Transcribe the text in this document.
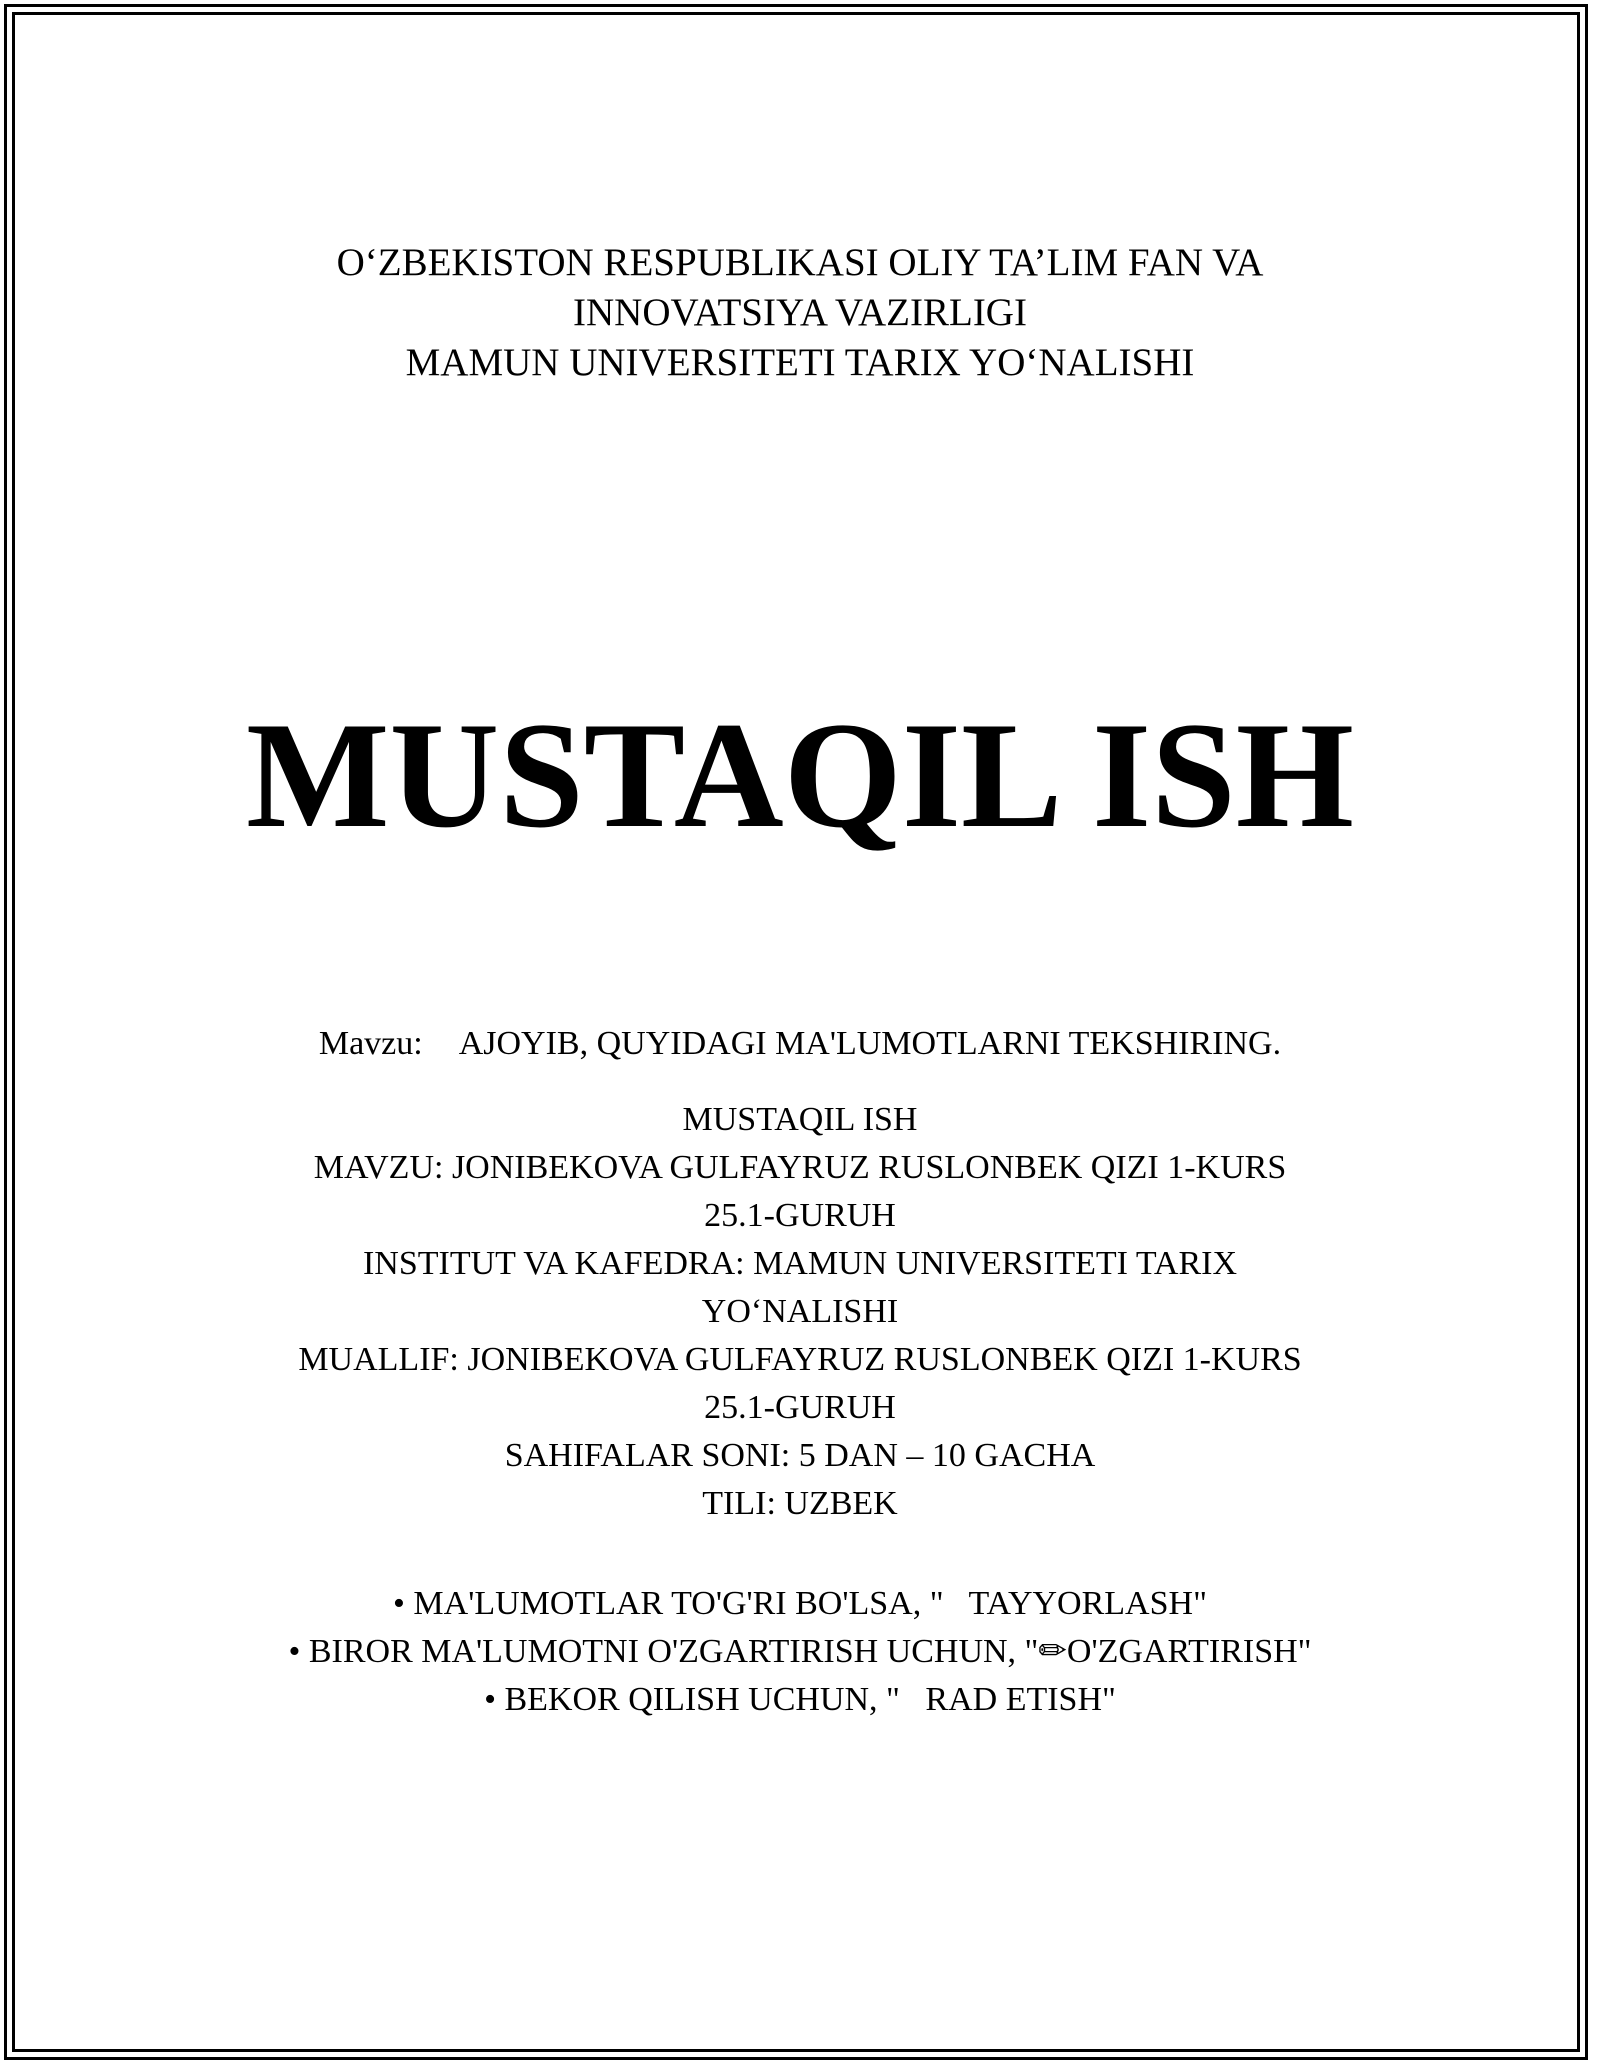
O‘ZBEKISTON RESPUBLIKASI OLIY TA’LIM FAN VA
INNOVATSIYA VAZIRLIGI
MAMUN UNIVERSITETI TARIX YO‘NALISHI
MUSTAQIL ISH
Mavzu: AJOYIB, QUYIDAGI MA'LUMOTLARNI TEKSHIRING.
MUSTAQIL ISH
MAVZU: JONIBEKOVA GULFAYRUZ RUSLONBEK QIZI 1-KURS
25.1-GURUH
INSTITUT VA KAFEDRA: MAMUN UNIVERSITETI TARIX
YO‘NALISHI
MUALLIF: JONIBEKOVA GULFAYRUZ RUSLONBEK QIZI 1-KURS
25.1-GURUH
SAHIFALAR SONI: 5 DAN – 10 GACHA
TILI: UZBEK
• MA'LUMOTLAR TO'G'RI BO'LSA, "   TAYYORLASH"
• BIROR MA'LUMOTNI O'ZGARTIRISH UCHUN, "✏O'ZGARTIRISH"
• BEKOR QILISH UCHUN, "   RAD ETISH"
